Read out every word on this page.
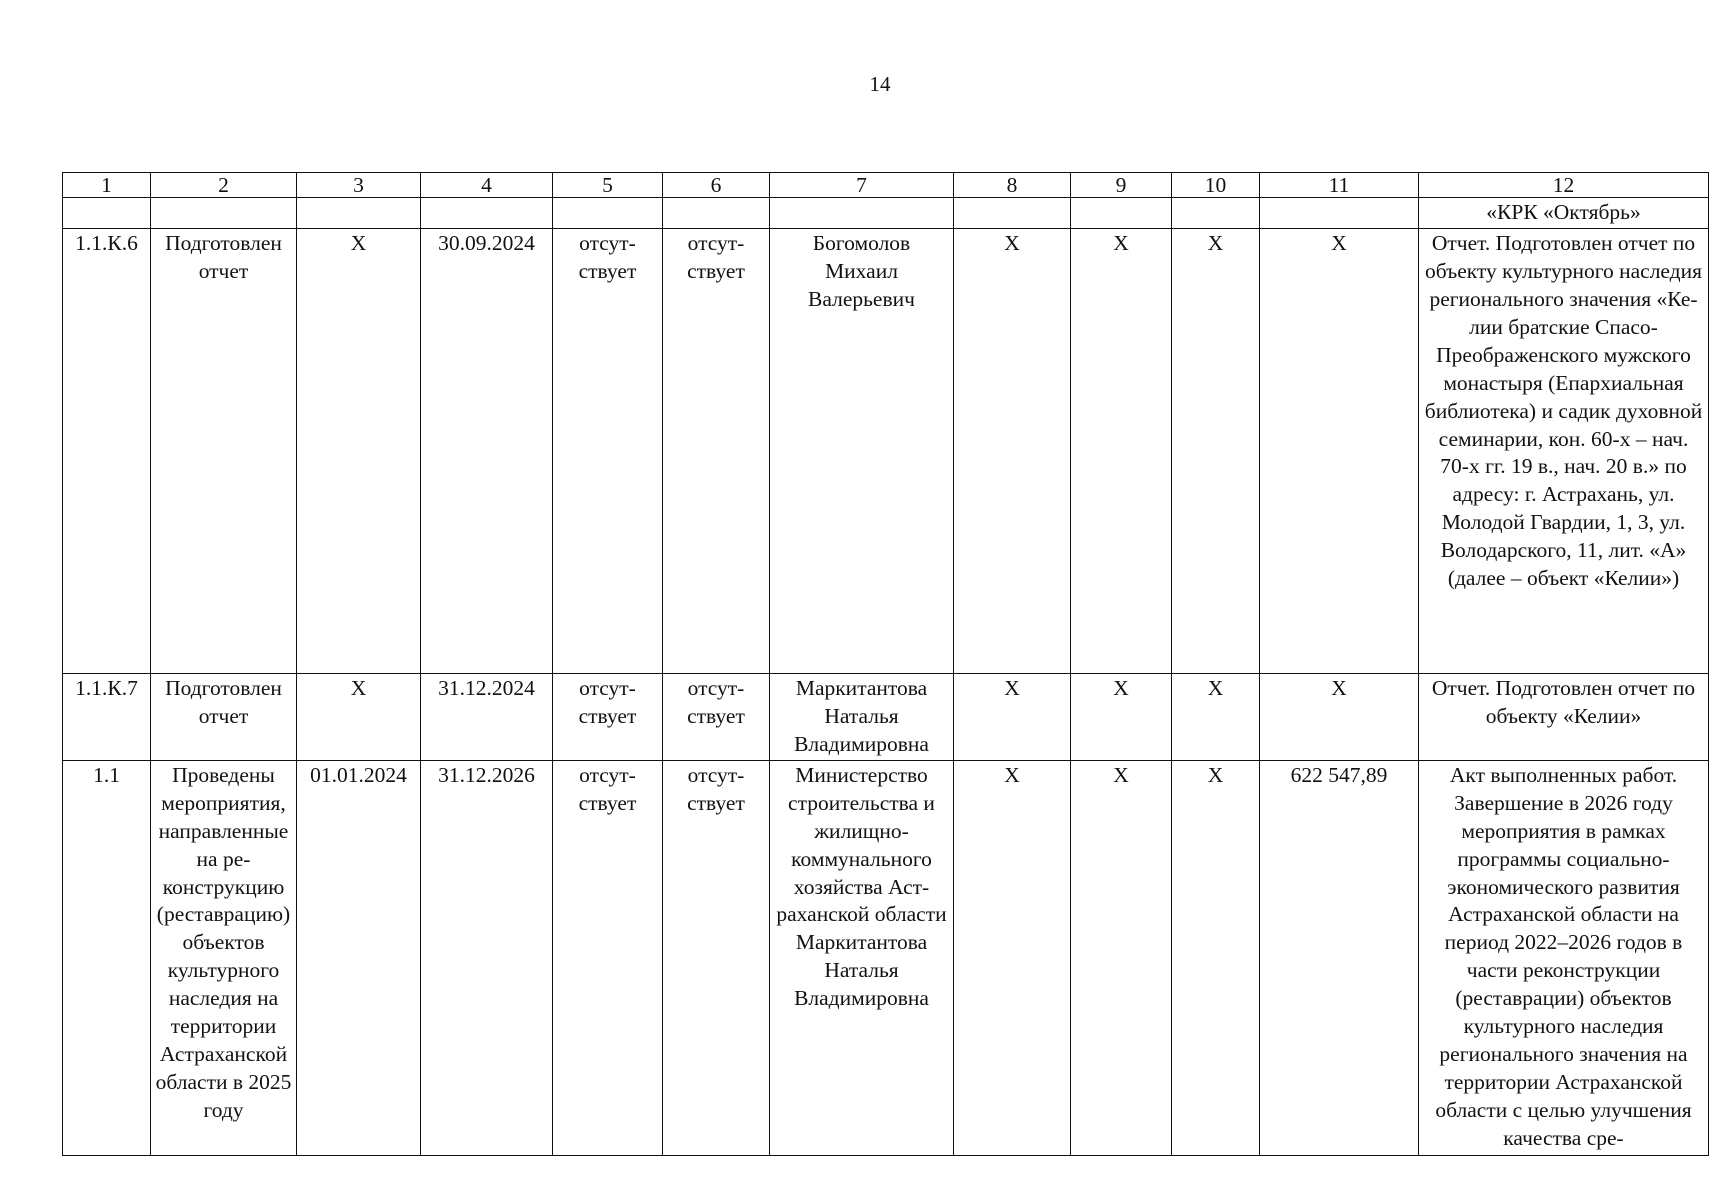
14
1	2	3	4	5	6	7	8	9	10	11	12
											«КРК «Октябрь»
1.1.К.6	Подготовлен отчет	X	30.09.2024	отсутствует	отсутствует	Богомолов Михаил Валерьевич	X	X	X	X	Отчет. Подготовлен отчет по объекту культурного наследия регионального значения «Келии братские Спасо-Преображенского мужского монастыря (Епархиальная библиотека) и садик духовной семинарии, кон. 60-х – нач. 70-х гг. 19 в., нач. 20 в.» по адресу: г. Астрахань, ул. Молодой Гвардии, 1, 3, ул. Володарского, 11, лит. «А» (далее – объект «Келии»)
1.1.К.7	Подготовлен отчет	X	31.12.2024	отсутствует	отсутствует	Маркитантова Наталья Владимировна	X	X	X	X	Отчет. Подготовлен отчет по объекту «Келии»
1.1	Проведены мероприятия, направленные на реконструкцию (реставрацию) объектов культурного наследия на территории Астраханской области в 2025 году	01.01.2024	31.12.2026	отсутствует	отсутствует	Министерство строительства и жилищно-коммунального хозяйства Астраханской области Маркитантова Наталья Владимировна	X	X	X	622 547,89	Акт выполненных работ. Завершение в 2026 году мероприятия в рамках программы социально-экономического развития Астраханской области на период 2022–2026 годов в части реконструкции (реставрации) объектов культурного наследия регионального значения на территории Астраханской области с целью улучшения качества сре-
